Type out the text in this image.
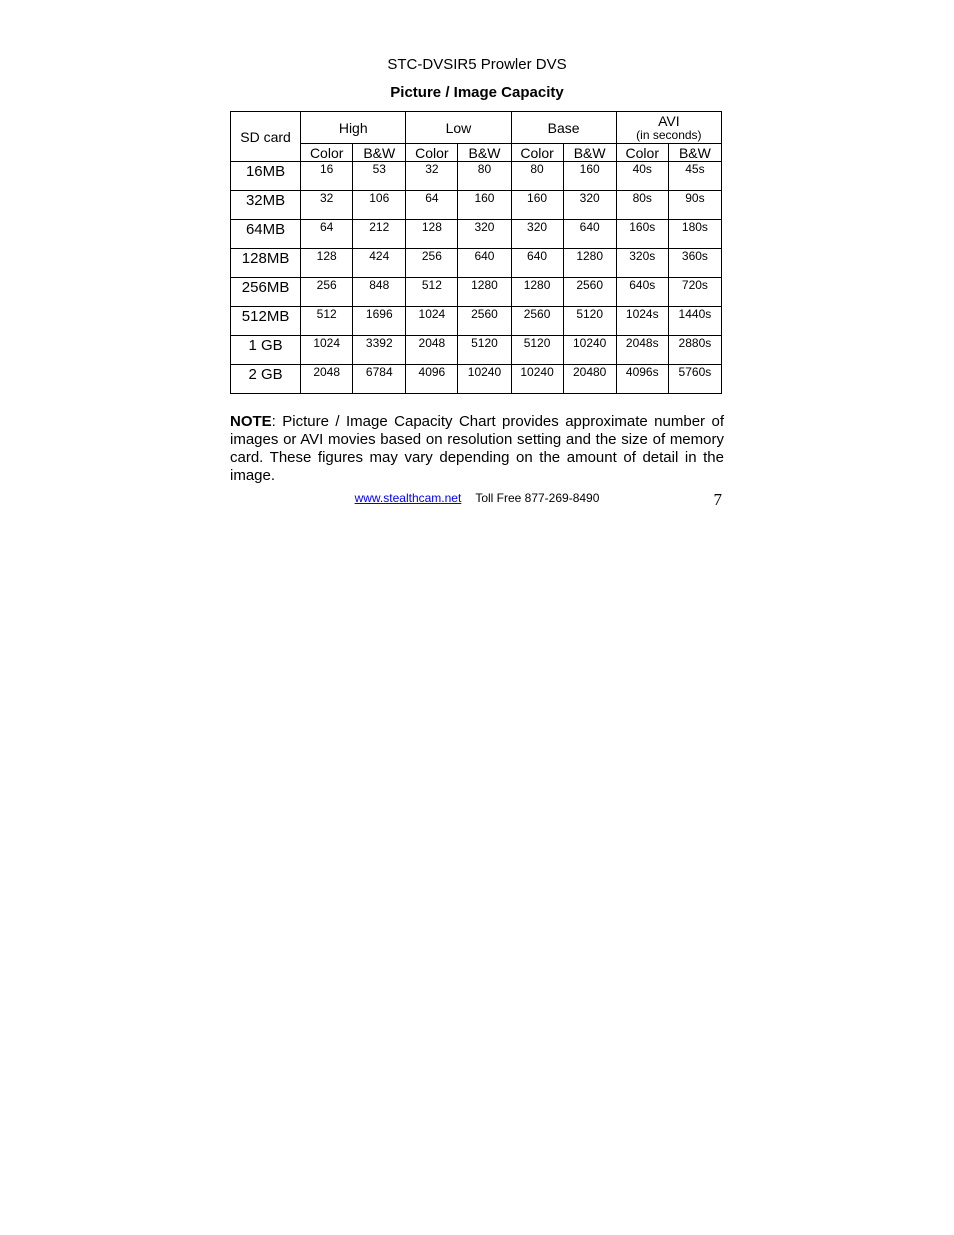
STC-DVSIR5 Prowler DVS
Picture / Image Capacity
SD card	High		Low		Base		AVI
(in seconds)	

	Color	B&W	Color	B&W	Color	B&W	Color	B&W
16MB	16	53	32	80	80	160	40s	45s
32MB	32	106	64	160	160	320	80s	90s
64MB	64	212	128	320	320	640	160s	180s
128MB	128	424	256	640	640	1280	320s	360s
256MB	256	848	512	1280	1280	2560	640s	720s
512MB	512	1696	1024	2560	2560	5120	1024s	1440s
1 GB	1024	3392	2048	5120	5120	10240	2048s	2880s
2 GB	2048	6784	4096	10240	10240	20480	4096s	5760s

NOTE: Picture / Image Capacity Chart provides approximate number of images or AVI movies based on resolution setting and the size of memory card. These figures may vary depending on the amount of detail in the image.

www.stealthcam.net Toll Free 877-269-8490	7
